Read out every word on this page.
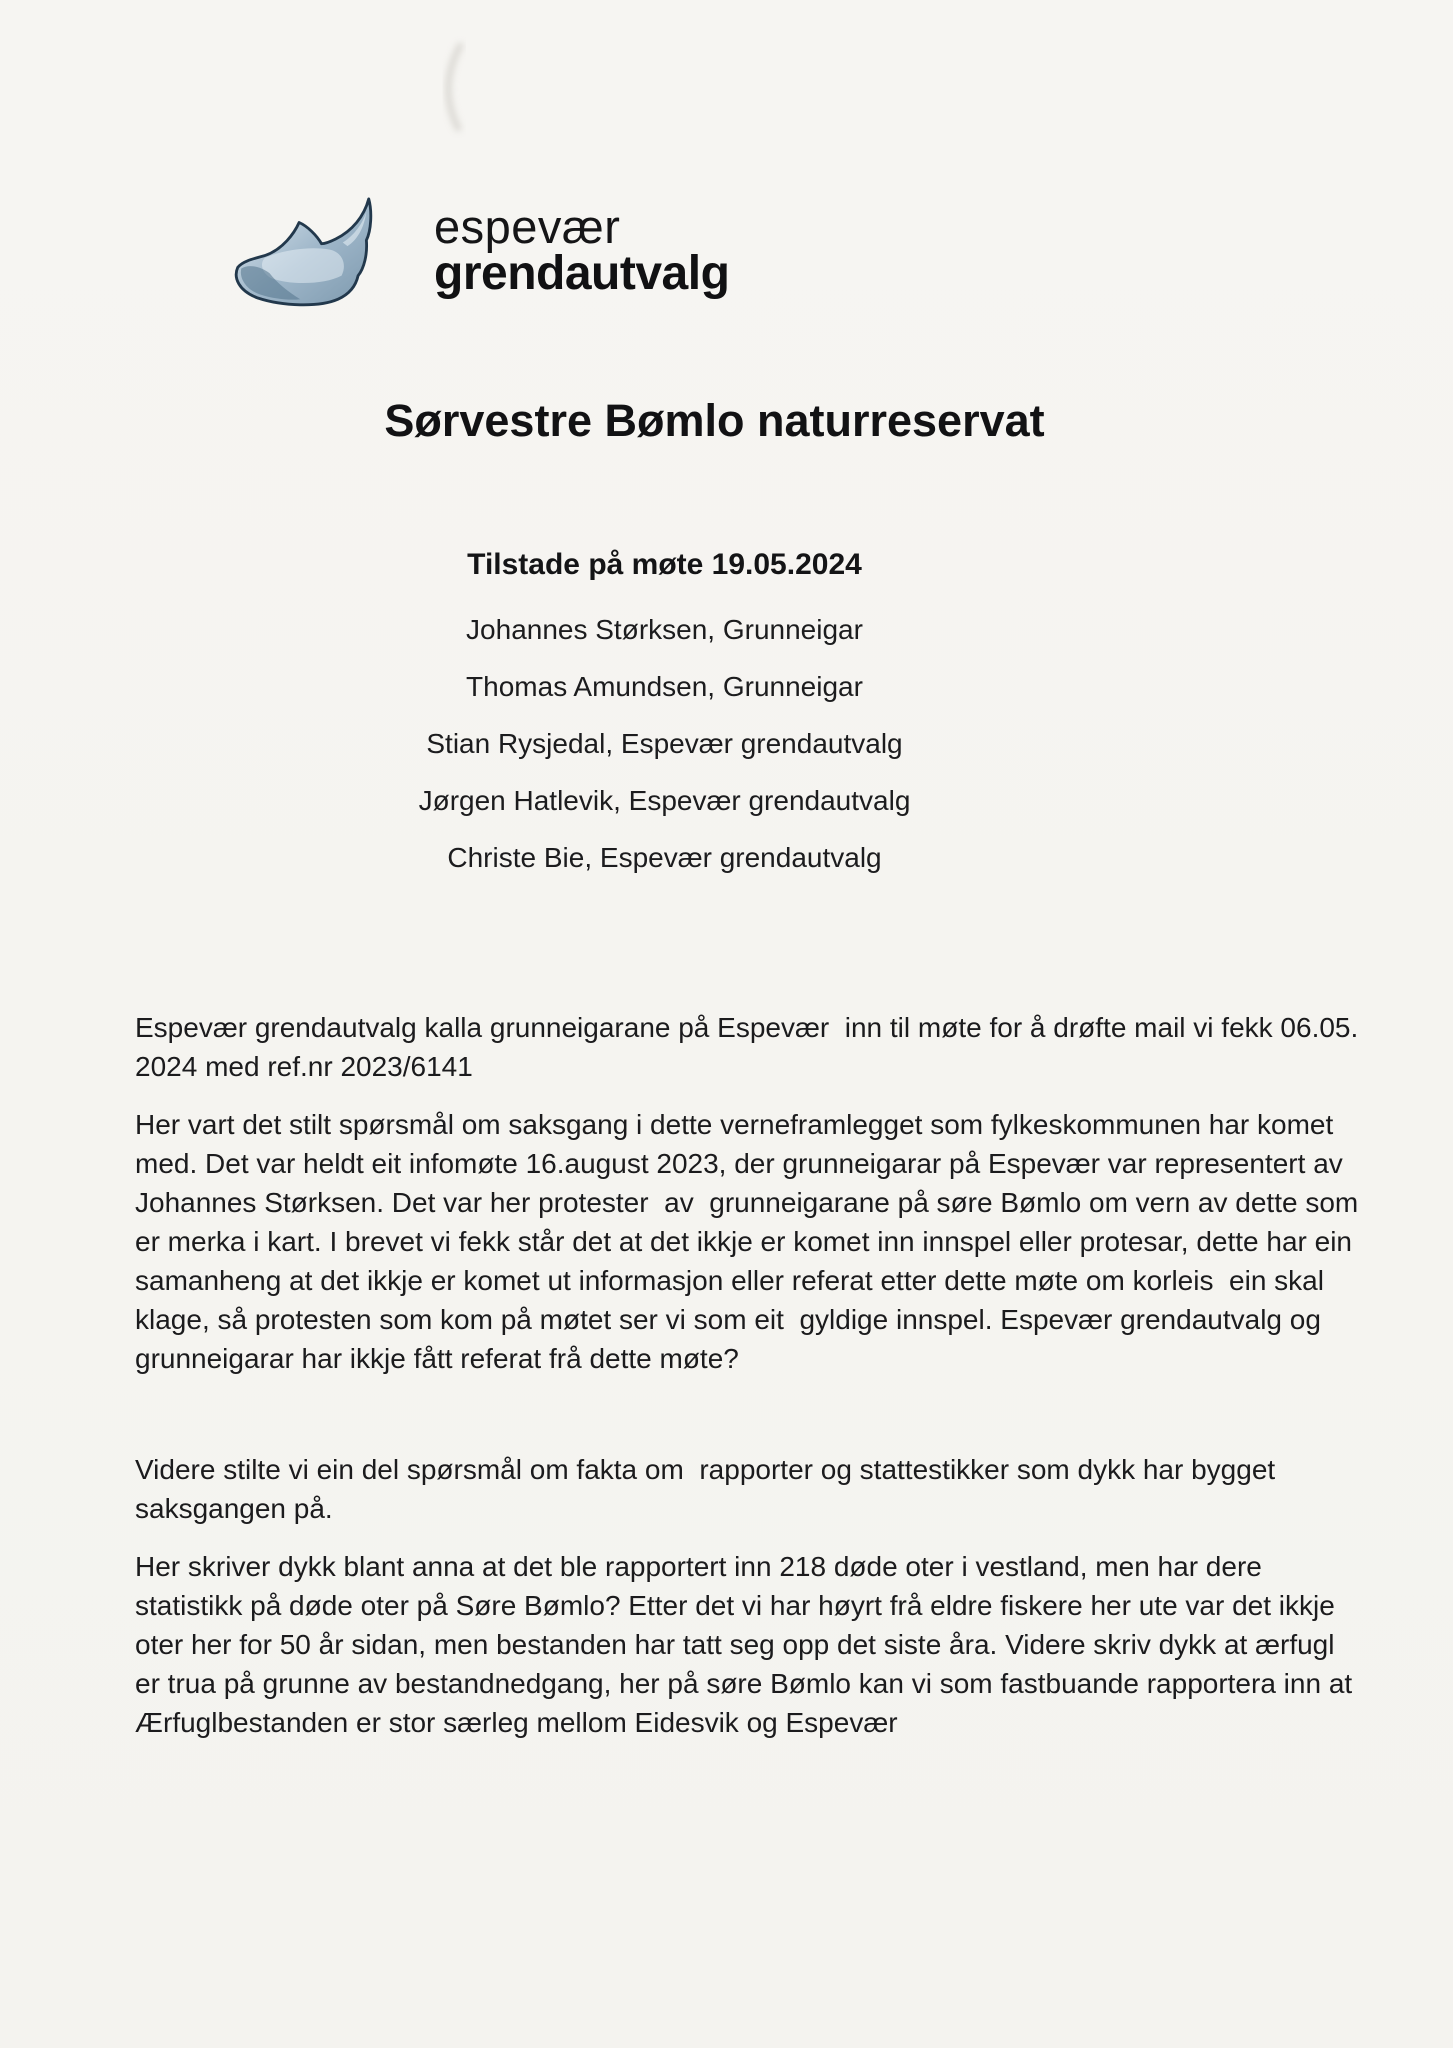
espevær
grendautvalg
Sørvestre Bømlo naturreservat
Tilstade på møte 19.05.2024
Johannes Størksen, Grunneigar
Thomas Amundsen, Grunneigar
Stian Rysjedal, Espevær grendautvalg
Jørgen Hatlevik, Espevær grendautvalg
Christe Bie, Espevær grendautvalg

Espevær grendautvalg kalla grunneigarane på Espevær  inn til møte for å drøfte mail vi fekk 06.05. 2024 med ref.nr 2023/6141

Her vart det stilt spørsmål om saksgang i dette verneframlegget som fylkeskommunen har komet med. Det var heldt eit infomøte 16.august 2023, der grunneigarar på Espevær var representert av Johannes Størksen. Det var her protester  av  grunneigarane på søre Bømlo om vern av dette som er merka i kart. I brevet vi fekk står det at det ikkje er komet inn innspel eller protesar, dette har ein samanheng at det ikkje er komet ut informasjon eller referat etter dette møte om korleis  ein skal klage, så protesten som kom på møtet ser vi som eit  gyldige innspel. Espevær grendautvalg og grunneigarar har ikkje fått referat frå dette møte?

Videre stilte vi ein del spørsmål om fakta om  rapporter og stattestikker som dykk har bygget saksgangen på.

Her skriver dykk blant anna at det ble rapportert inn 218 døde oter i vestland, men har dere statistikk på døde oter på Søre Bømlo? Etter det vi har høyrt frå eldre fiskere her ute var det ikkje oter her for 50 år sidan, men bestanden har tatt seg opp det siste åra. Videre skriv dykk at ærfugl er trua på grunne av bestandnedgang, her på søre Bømlo kan vi som fastbuande rapportera inn at Ærfuglbestanden er stor særleg mellom Eidesvik og Espevær
